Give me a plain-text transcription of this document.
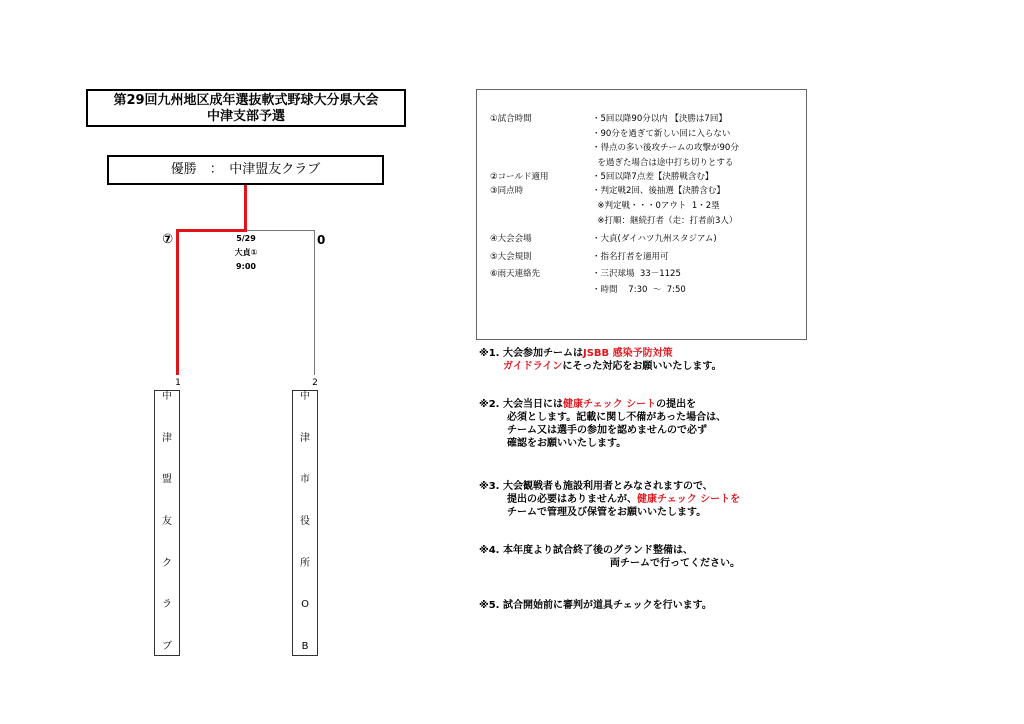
第29回九州地区成年選抜軟式野球大分県大会
中津支部予選
優勝　：　中津盟友クラブ
⑦	0
5/29
大貞①
9:00
1
中
津
盟
友
ク
ラ
ブ
2
中
津
市
役
所
O
B
①試合時間	・5回以降90分以内 【決勝は7回】
・90分を過ぎて新しい回に入らない
・得点の多い後攻チームの攻撃が90分
を過ぎた場合は途中打ち切りとする
②コールド適用	・5回以降7点差【決勝戦含む】
③同点時	・判定戦2回、後抽選【決勝含む】
※判定戦・・・0アウト  1・2塁
※打順：継続打者（走：打者前3人）
④大会会場	・大貞(ダイハツ九州スタジアム)
⑤大会規則	・指名打者を適用可
⑥雨天連絡先	・三沢球場  33－1125
・時間    7:30  ～  7:50
※1. 大会参加チームはJSBB 感染予防対策
ガイドラインにそった対応をお願いいたします。
※2. 大会当日には健康チェック シートの提出を
必須とします。記載に関し不備があった場合は、
チーム又は選手の参加を認めませんので必ず
確認をお願いいたします。
※3. 大会観戦者も施設利用者とみなされますので、
提出の必要はありませんが、健康チェック シートを
チームで管理及び保管をお願いいたします。
※4. 本年度より試合終了後のグランド整備は、
両チームで行ってください。
※5. 試合開始前に審判が道具チェックを行います。
